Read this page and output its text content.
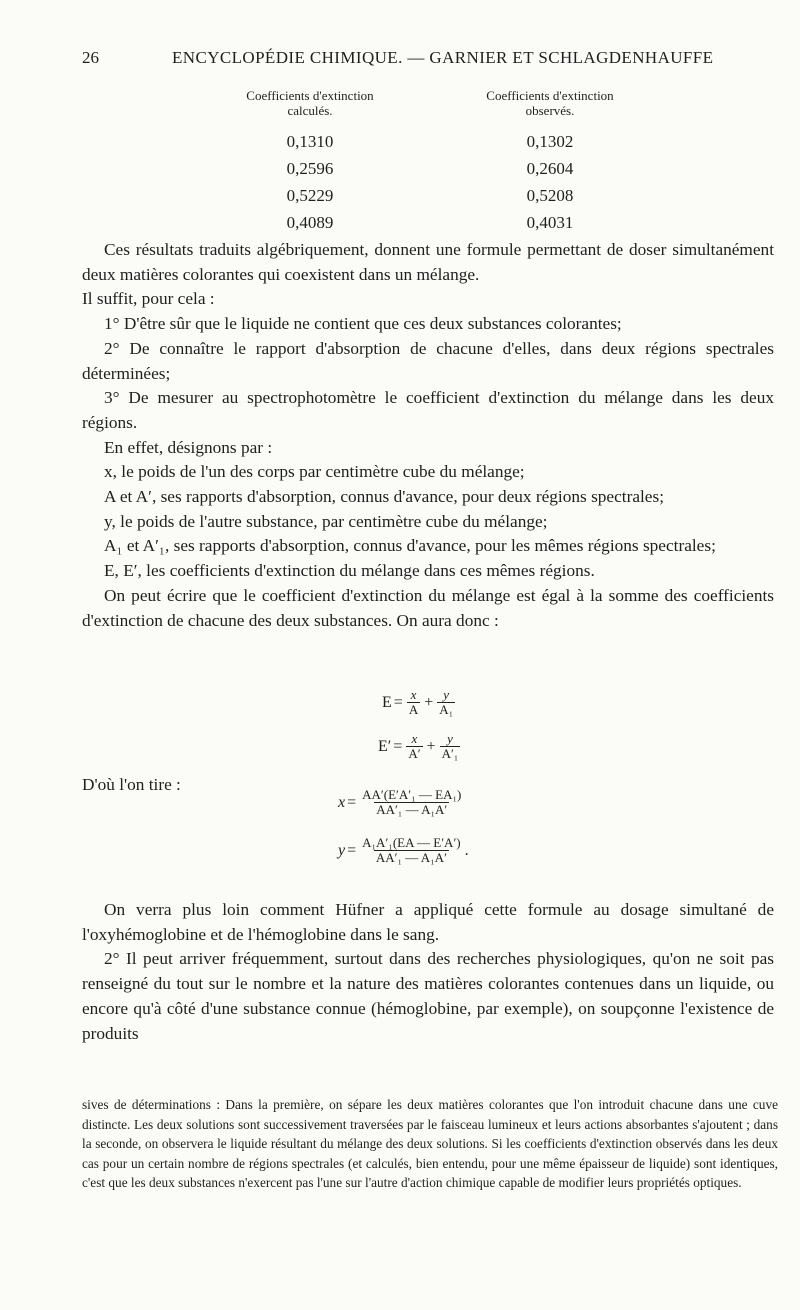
26	ENCYCLOPÉDIE CHIMIQUE. — GARNIER ET SCHLAGDENHAUFFE
Coefficients d'extinction
calculés.
0,1310
0,2596
0,5229
0,4089
Coefficients d'extinction
observés.
0,1302
0,2604
0,5208
0,4031

Ces résultats traduits algébriquement, donnent une formule permettant de doser simultanément deux matières colorantes qui coexistent dans un mélange.

Il suffit, pour cela :

1° D'être sûr que le liquide ne contient que ces deux substances colorantes;

2° De connaître le rapport d'absorption de chacune d'elles, dans deux régions spectrales déterminées;

3° De mesurer au spectrophotomètre le coefficient d'extinction du mélange dans les deux régions.

En effet, désignons par :

x, le poids de l'un des corps par centimètre cube du mélange;

A et A′, ses rapports d'absorption, connus d'avance, pour deux régions spectrales;

y, le poids de l'autre substance, par centimètre cube du mélange;

A₁ et A′₁, ses rapports d'absorption, connus d'avance, pour les mêmes régions spectrales;

E, E′, les coefficients d'extinction du mélange dans ces mêmes régions.

On peut écrire que le coefficient d'extinction du mélange est égal à la somme des coefficients d'extinction de chacune des deux substances. On aura donc :

D'où l'on tire :
$E = \frac{x}{A} + \frac{y}{\text{A₁}}$
$E' = \frac{x}{A'} + \frac{y}{\text{A′₁}}$
$x = \frac{\text{AA′(E′A′₁ — EA₁)}}{\text{AA′₁ — A₁A′}}$
$y = \frac{\text{A₁A′₁(EA — E′A′)}}{\text{AA′₁ — A₁A′}}$ .

On verra plus loin comment Hüfner a appliqué cette formule au dosage simultané de l'oxyhémoglobine et de l'hémoglobine dans le sang.

2° Il peut arriver fréquemment, surtout dans des recherches physiologiques, qu'on ne soit pas renseigné du tout sur le nombre et la nature des matières colorantes contenues dans un liquide, ou encore qu'à côté d'une substance connue (hémoglobine, par exemple), on soupçonne l'existence de produits

sives de déterminations : Dans la première, on sépare les deux matières colorantes que l'on introduit chacune dans une cuve distincte. Les deux solutions sont successivement traversées par le faisceau lumineux et leurs actions absorbantes s'ajoutent ; dans la seconde, on observera le liquide résultant du mélange des deux solutions. Si les coefficients d'extinction observés dans les deux cas pour un certain nombre de régions spectrales (et calculés, bien entendu, pour une même épaisseur de liquide) sont identiques, c'est que les deux substances n'exercent pas l'une sur l'autre d'action chimique capable de modifier leurs propriétés optiques.
